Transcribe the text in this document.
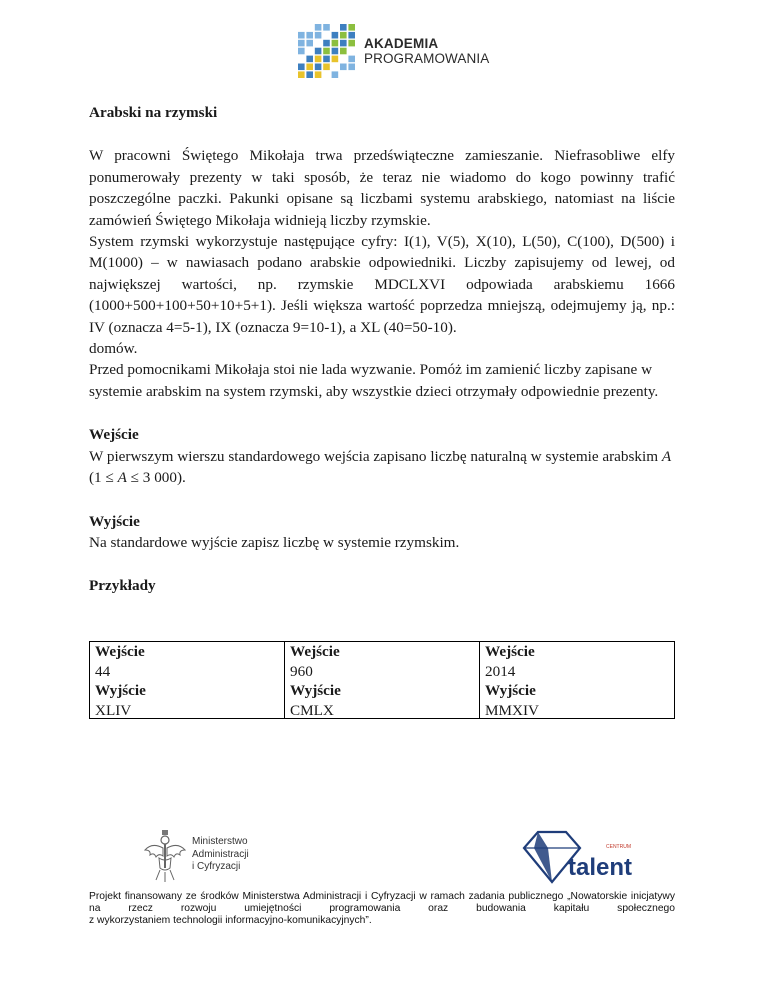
AKADEMIA
PROGRAMOWANIA

Arabski na rzymski

W pracowni Świętego Mikołaja trwa przedświąteczne zamieszanie. Niefrasobliwe elfy ponumerowały prezenty w taki sposób, że teraz nie wiadomo do kogo powinny trafić poszczególne paczki. Pakunki opisane są liczbami systemu arabskiego, natomiast na liście zamówień Świętego Mikołaja widnieją liczby rzymskie.

System rzymski wykorzystuje następujące cyfry: I(1), V(5), X(10), L(50), C(100), D(500) i M(1000) – w nawiasach podano arabskie odpowiedniki. Liczby zapisujemy od lewej, od największej wartości, np. rzymskie MDCLXVI odpowiada arabskiemu 1666 (1000+500+100+50+10+5+1). Jeśli większa wartość poprzedza mniejszą, odejmujemy ją, np.: IV (oznacza 4=5-1), IX (oznacza 9=10-1), a XL (40=50-10).

domów.

Przed pomocnikami Mikołaja stoi nie lada wyzwanie. Pomóż im zamienić liczby zapisane w systemie arabskim na system rzymski, aby wszystkie dzieci otrzymały odpowiednie prezenty.

Wejście

W pierwszym wierszu standardowego wejścia zapisano liczbę naturalną w systemie arabskim A (1 ≤ A ≤ 3 000).

Wyjście

Na standardowe wyjście zapisz liczbę w systemie rzymskim.

Przykłady

Wejście
44
Wyjście
XLIV
Wejście
960
Wyjście
CMLX
Wejście
2014
Wyjście
MMXIV
Ministerstwo
Administracji
i Cyfryzacji
CENTRUM
talent
Projekt finansowany ze środków Ministerstwa Administracji i Cyfryzacji w ramach zadania publicznego „Nowatorskie inicjatywy
na rzecz rozwoju umiejętności programowania oraz budowania kapitału społecznego
z wykorzystaniem technologii informacyjno-komunikacyjnych”.
